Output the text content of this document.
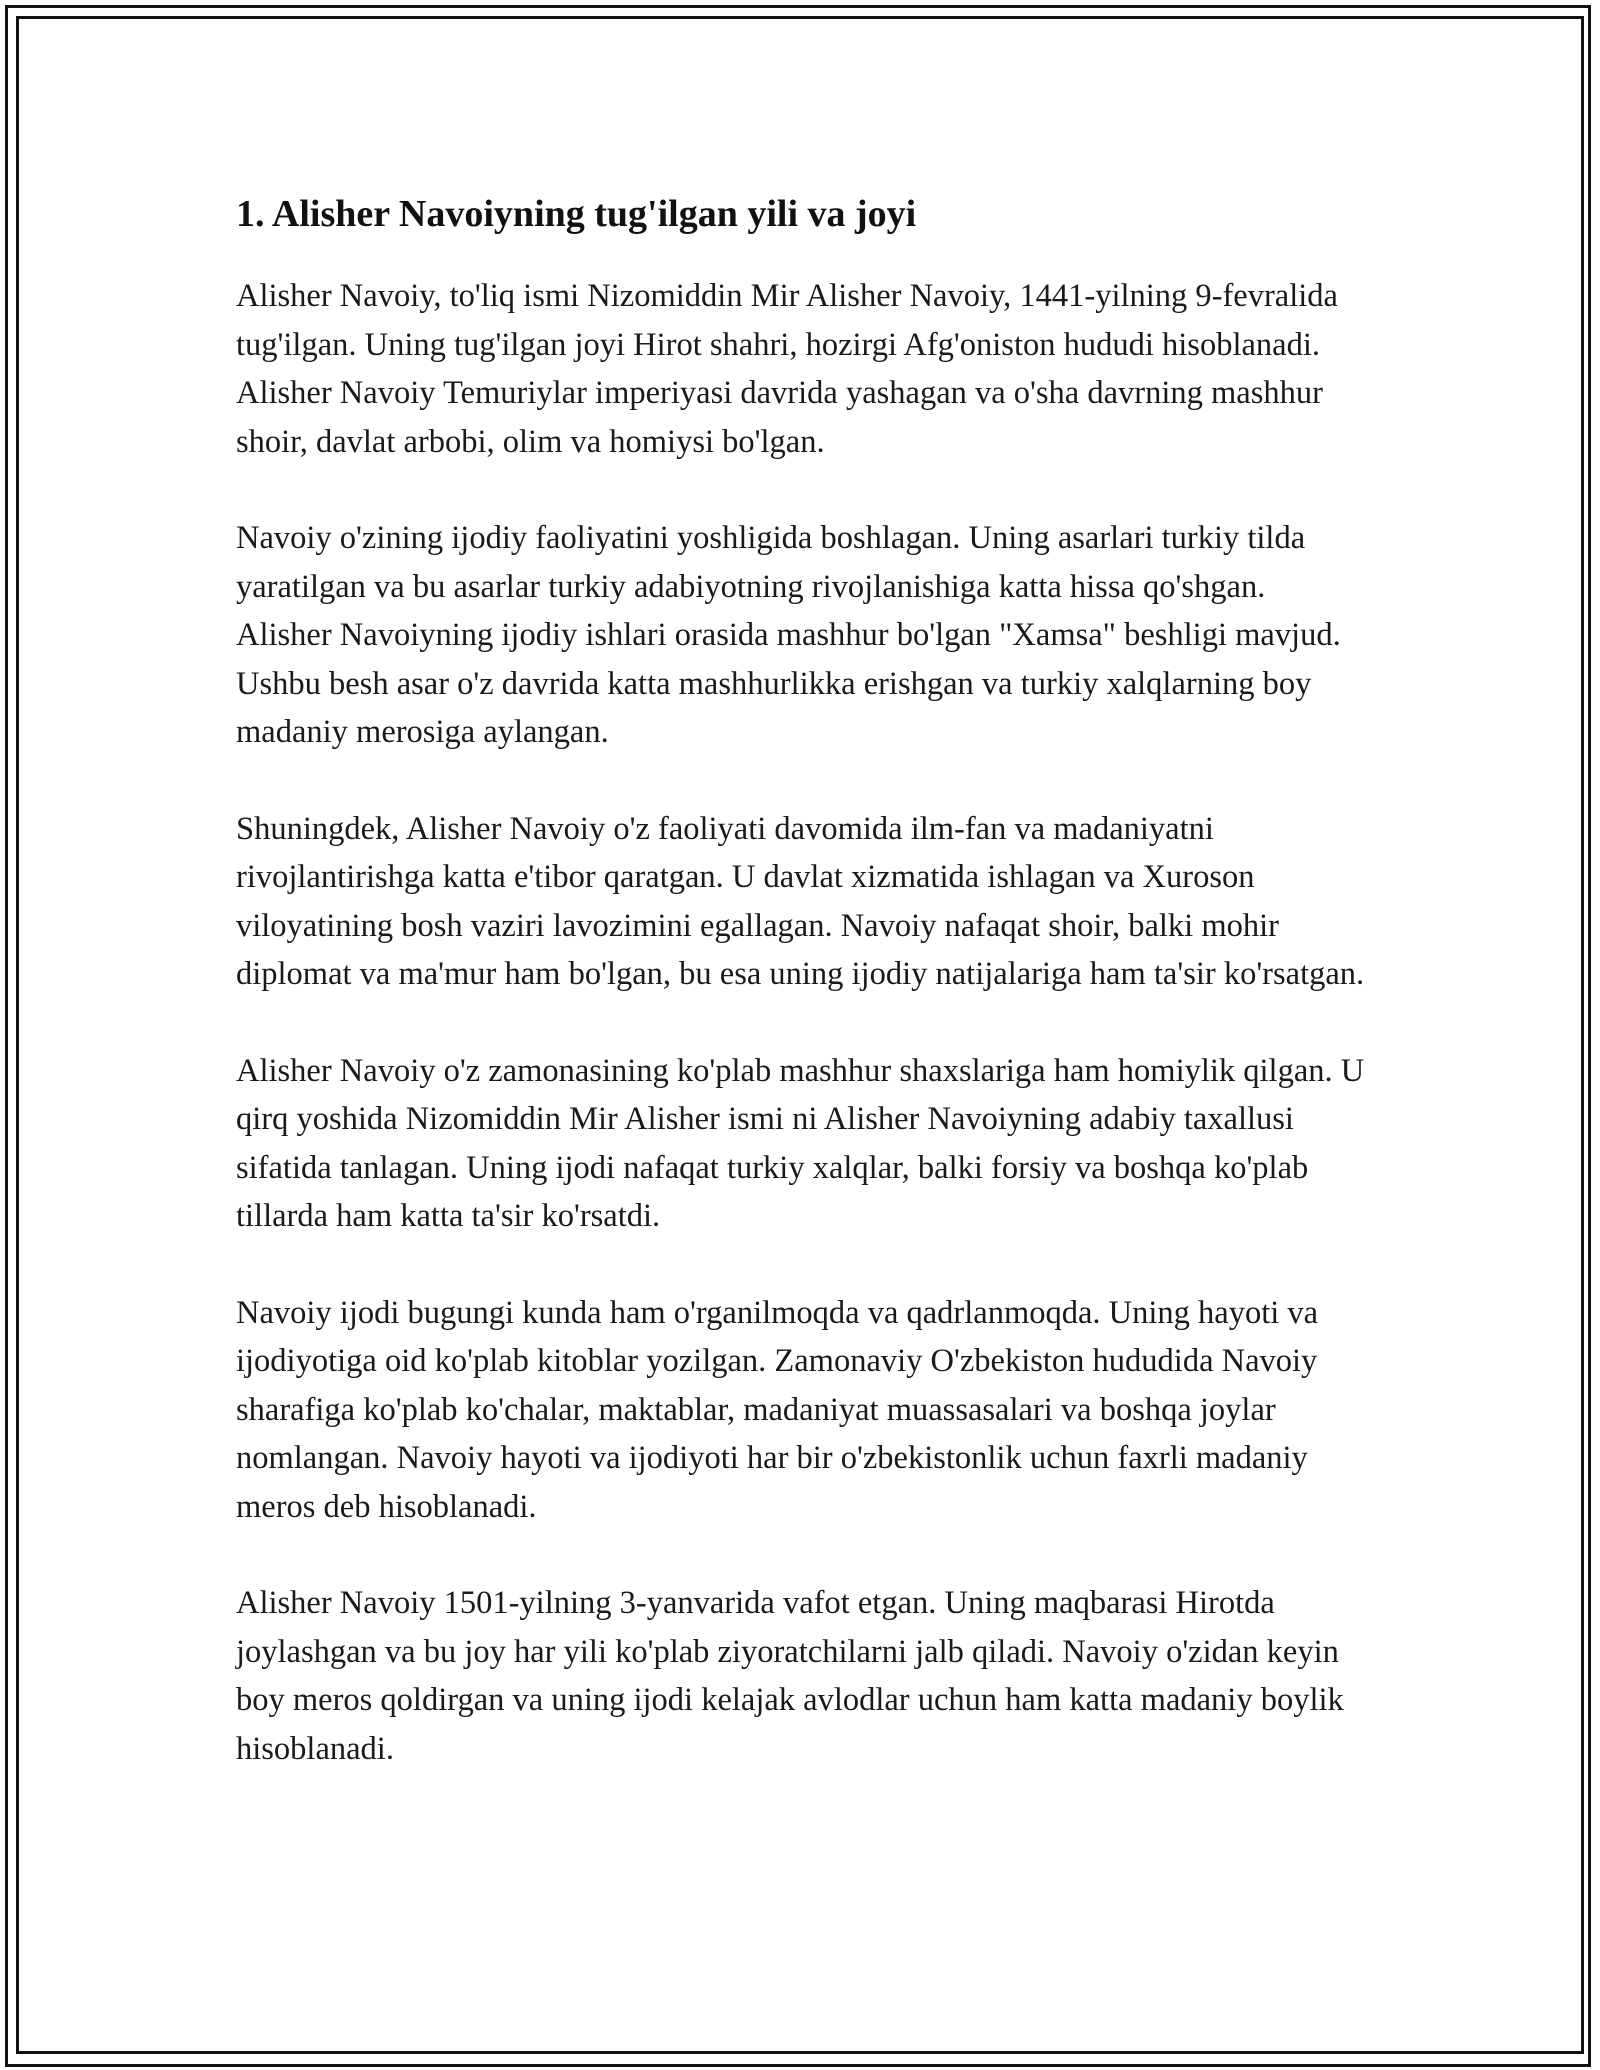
1. Alisher Navoiyning tug'ilgan yili va joyi

Alisher Navoiy, to'liq ismi Nizomiddin Mir Alisher Navoiy, 1441-yilning 9-fevralida tug'ilgan. Uning tug'ilgan joyi Hirot shahri, hozirgi Afg'oniston hududi hisoblanadi. Alisher Navoiy Temuriylar imperiyasi davrida yashagan va o'sha davrning mashhur shoir, davlat arbobi, olim va homiysi bo'lgan.

Navoiy o'zining ijodiy faoliyatini yoshligida boshlagan. Uning asarlari turkiy tilda yaratilgan va bu asarlar turkiy adabiyotning rivojlanishiga katta hissa qo'shgan. Alisher Navoiyning ijodiy ishlari orasida mashhur bo'lgan "Xamsa" beshligi mavjud. Ushbu besh asar o'z davrida katta mashhurlikka erishgan va turkiy xalqlarning boy madaniy merosiga aylangan.

Shuningdek, Alisher Navoiy o'z faoliyati davomida ilm-fan va madaniyatni rivojlantirishga katta e'tibor qaratgan. U davlat xizmatida ishlagan va Xuroson viloyatining bosh vaziri lavozimini egallagan. Navoiy nafaqat shoir, balki mohir diplomat va ma'mur ham bo'lgan, bu esa uning ijodiy natijalariga ham ta'sir ko'rsatgan.

Alisher Navoiy o'z zamonasining ko'plab mashhur shaxslariga ham homiylik qilgan. U qirq yoshida Nizomiddin Mir Alisher ismi ni Alisher Navoiyning adabiy taxallusi sifatida tanlagan. Uning ijodi nafaqat turkiy xalqlar, balki forsiy va boshqa ko'plab tillarda ham katta ta'sir ko'rsatdi.

Navoiy ijodi bugungi kunda ham o'rganilmoqda va qadrlanmoqda. Uning hayoti va ijodiyotiga oid ko'plab kitoblar yozilgan. Zamonaviy O'zbekiston hududida Navoiy sharafiga ko'plab ko'chalar, maktablar, madaniyat muassasalari va boshqa joylar nomlangan. Navoiy hayoti va ijodiyoti har bir o'zbekistonlik uchun faxrli madaniy meros deb hisoblanadi.

Alisher Navoiy 1501-yilning 3-yanvarida vafot etgan. Uning maqbarasi Hirotda joylashgan va bu joy har yili ko'plab ziyoratchilarni jalb qiladi. Navoiy o'zidan keyin boy meros qoldirgan va uning ijodi kelajak avlodlar uchun ham katta madaniy boylik hisoblanadi.
